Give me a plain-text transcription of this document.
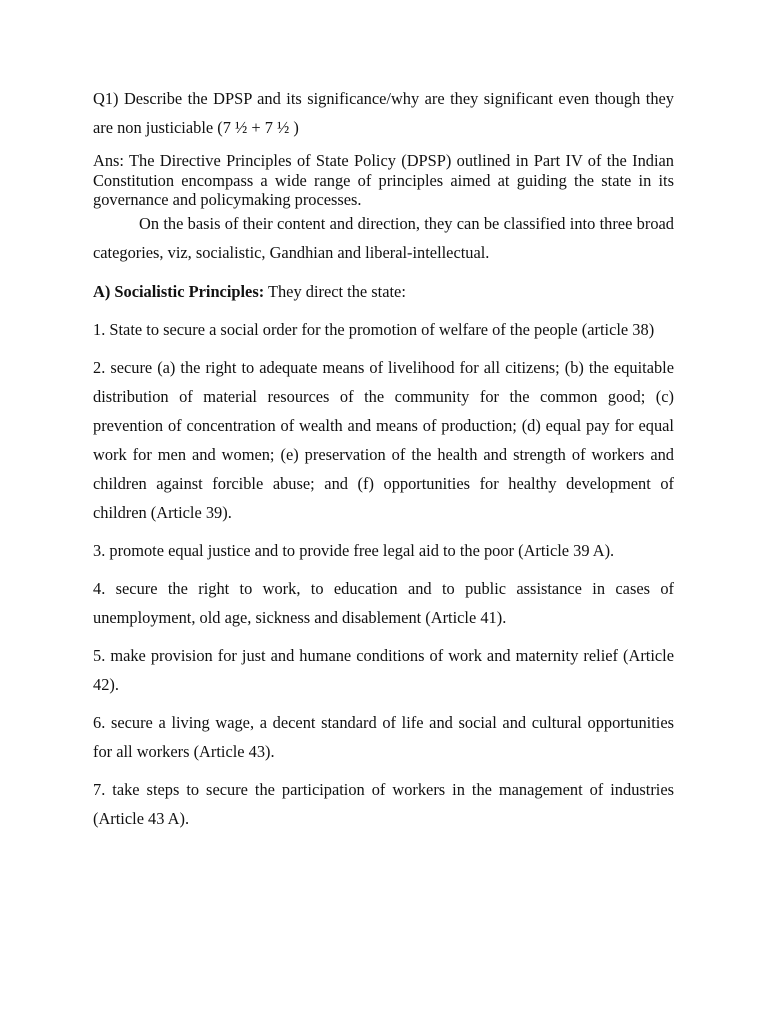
Q1) Describe the DPSP and its significance/why are they significant even though they are non justiciable (7 ½ + 7 ½ )

Ans: The Directive Principles of State Policy (DPSP) outlined in Part IV of the Indian Constitution encompass a wide range of principles aimed at guiding the state in its governance and policymaking processes.

On the basis of their content and direction, they can be classified into three broad categories, viz, socialistic, Gandhian and liberal-intellectual.

A) Socialistic Principles: They direct the state:

1. State to secure a social order for the promotion of welfare of the people (article 38)

2. secure (a) the right to adequate means of livelihood for all citizens; (b) the equitable distribution of material resources of the community for the common good; (c) prevention of concentration of wealth and means of production; (d) equal pay for equal work for men and women; (e) preservation of the health and strength of workers and children against forcible abuse; and (f) opportunities for healthy development of children (Article 39).

3. promote equal justice and to provide free legal aid to the poor (Article 39 A).

4. secure the right to work, to education and to public assistance in cases of unemployment, old age, sickness and disablement (Article 41).

5. make provision for just and humane conditions of work and maternity relief (Article 42).

6. secure a living wage, a decent standard of life and social and cultural opportunities for all workers (Article 43).

7. take steps to secure the participation of workers in the management of industries (Article 43 A).
